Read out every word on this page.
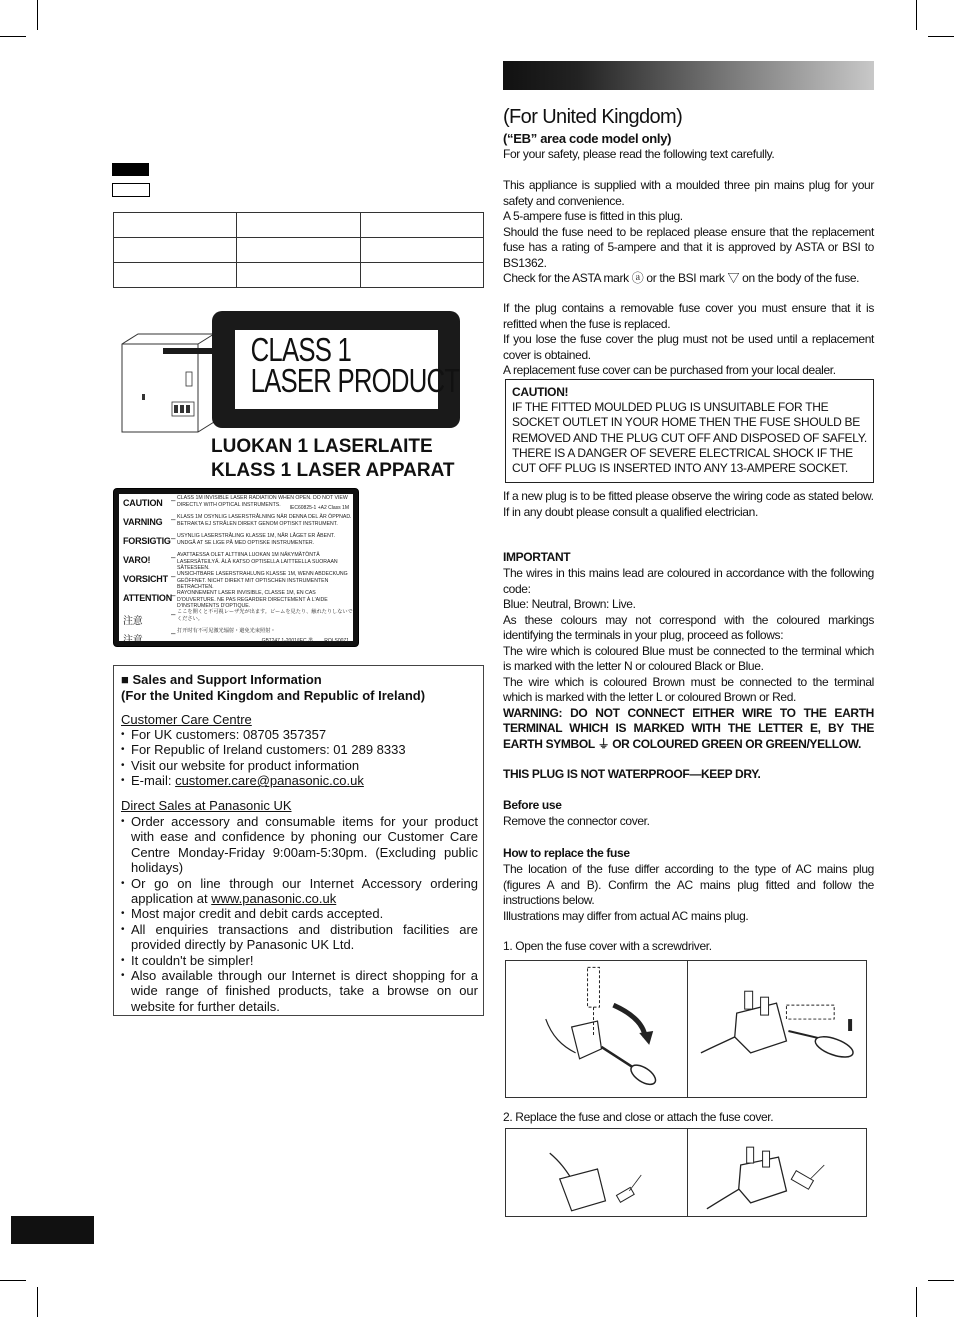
CLASS 1
LASER PRODUCT
LUOKAN 1 LASERLAITE
KLASS 1 LASER APPARAT
CAUTION – CLASS 1M INVISIBLE LASER RADIATION WHEN OPEN. DO NOT VIEW DIRECTLY WITH OPTICAL INSTRUMENTS.
IEC60825-1 +A2 Class 1M
VARNING – KLASS 1M OSYNLIG LASERSTRÅLNING NÄR DENNA DEL ÄR ÖPPNAD. BETRAKTA EJ STRÅLEN DIREKT GENOM OPTISKT INSTRUMENT.
FORSIGTIG – USYNLIG LASERSTRÅLING KLASSE 1M, NÅR LÅGET ER ÅBENT. UNDGÅ AT SE LIGE PÅ MED OPTISKE INSTRUMENTER.
VARO!	– AVATTAESSA OLET ALTTIINA LUOKAN 1M NÄKYMÄTÖNTÄ LASERSÄTEILYÄ. ÄLÄ KATSO OPTISELLA LAITTEELLA SUORAAN SÄTEESEEN.
VORSICHT – UNSICHTBARE LASERSTRAHLUNG KLASSE 1M, WENN ABDECKUNG GEÖFFNET. NICHT DIREKT MIT OPTISCHEN INSTRUMENTEN BETRACHTEN.
ATTENTION
– RAYONNEMENT LASER INVISIBLE, CLASSE 1M, EN CAS D'OUVERTURE. NE PAS REGARDER DIRECTEMENT À L'AIDE D'INSTRUMENTS D'OPTIQUE.
注意
– ここを開くと不可視レーザ光が出ます。ビームを見たり、触れたりしないでください。
注意
– 打开时有不可见激光辐射・避免光束照射・
GB7247.1-2001/IEC 类 RQLS0071
■ Sales and Support Information
(For the United Kingdom and Republic of Ireland)
Customer Care Centre
• For UK customers: 08705 357357
• For Republic of Ireland customers: 01 289 8333
• Visit our website for product information
• E-mail: customer.care@panasonic.co.uk
Direct Sales at Panasonic UK
• Order accessory and consumable items for your product with ease and confidence by phoning our Customer Care Centre Monday-Friday 9:00am-5:30pm. (Excluding public holidays)
• Or go on line through our Internet Accessory ordering application at www.panasonic.co.uk
• Most major credit and debit cards accepted.
• All enquiries transactions and distribution facilities are provided directly by Panasonic UK Ltd.
• It couldn't be simpler!
• Also available through our Internet is direct shopping for a wide range of finished products, take a browse on our website for further details.
(For United Kingdom)
(“EB” area code model only)

For your safety, please read the following text carefully.

This appliance is supplied with a moulded three pin mains plug for your safety and convenience.

A 5-ampere fuse is fitted in this plug.

Should the fuse need to be replaced please ensure that the replacement fuse has a rating of 5-ampere and that it is approved by ASTA or BSI to BS1362.

Check for the ASTA mark ⓐ or the BSI mark ▽ on the body of the fuse.

If the plug contains a removable fuse cover you must ensure that it is refitted when the fuse is replaced.

If you lose the fuse cover the plug must not be used until a replacement cover is obtained.

A replacement fuse cover can be purchased from your local dealer.

CAUTION!
IF THE FITTED MOULDED PLUG IS UNSUITABLE FOR THE SOCKET OUTLET IN YOUR HOME THEN THE FUSE SHOULD BE REMOVED AND THE PLUG CUT OFF AND DISPOSED OF SAFELY. THERE IS A DANGER OF SEVERE ELECTRICAL SHOCK IF THE CUT OFF PLUG IS INSERTED INTO ANY 13-AMPERE SOCKET.

If a new plug is to be fitted please observe the wiring code as stated below.

If in any doubt please consult a qualified electrician.

IMPORTANT

The wires in this mains lead are coloured in accordance with the following code:

Blue: Neutral, Brown: Live.

As these colours may not correspond with the coloured markings identifying the terminals in your plug, proceed as follows:

The wire which is coloured Blue must be connected to the terminal which is marked with the letter N or coloured Black or Blue.

The wire which is coloured Brown must be connected to the terminal which is marked with the letter L or coloured Brown or Red.

WARNING: DO NOT CONNECT EITHER WIRE TO THE EARTH TERMINAL WHICH IS MARKED WITH THE LETTER E, BY THE EARTH SYMBOL ⏚ OR COLOURED GREEN OR GREEN/YELLOW.

THIS PLUG IS NOT WATERPROOF—KEEP DRY.

Before use

Remove the connector cover.

How to replace the fuse

The location of the fuse differ according to the type of AC mains plug (figures A and B). Confirm the AC mains plug fitted and follow the instructions below.

Illustrations may differ from actual AC mains plug.

1. Open the fuse cover with a screwdriver.

2. Replace the fuse and close or attach the fuse cover.
